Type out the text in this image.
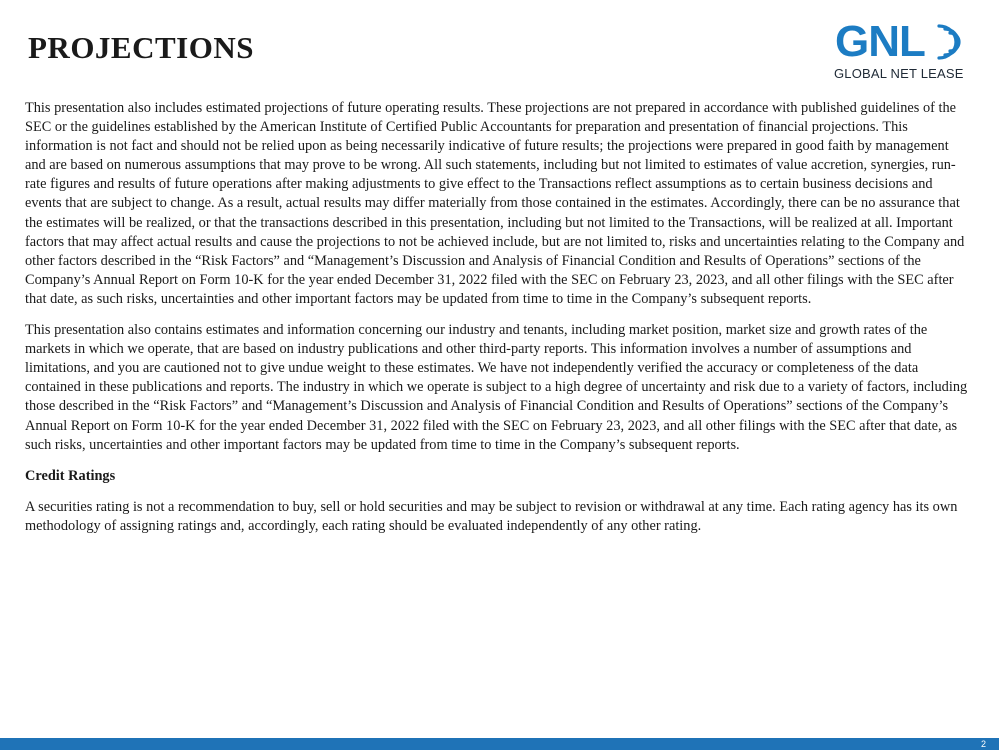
PROJECTIONS	GNL
GLOBAL NET LEASE

This presentation also includes estimated projections of future operating results. These projections are not prepared in accordance with published guidelines of the SEC or the guidelines established by the American Institute of Certified Public Accountants for preparation and presentation of financial projections. This information is not fact and should not be relied upon as being necessarily indicative of future results; the projections were prepared in good faith by management and are based on numerous assumptions that may prove to be wrong. All such statements, including but not limited to estimates of value accretion, synergies, run-rate figures and results of future operations after making adjustments to give effect to the Transactions reflect assumptions as to certain business decisions and events that are subject to change. As a result, actual results may differ materially from those contained in the estimates. Accordingly, there can be no assurance that the estimates will be realized, or that the transactions described in this presentation, including but not limited to the Transactions, will be realized at all. Important factors that may affect actual results and cause the projections to not be achieved include, but are not limited to, risks and uncertainties relating to the Company and other factors described in the “Risk Factors” and “Management’s Discussion and Analysis of Financial Condition and Results of Operations” sections of the Company’s Annual Report on Form 10-K for the year ended December 31, 2022 filed with the SEC on February 23, 2023, and all other filings with the SEC after that date, as such risks, uncertainties and other important factors may be updated from time to time in the Company’s subsequent reports.

This presentation also contains estimates and information concerning our industry and tenants, including market position, market size and growth rates of the markets in which we operate, that are based on industry publications and other third-party reports. This information involves a number of assumptions and limitations, and you are cautioned not to give undue weight to these estimates. We have not independently verified the accuracy or completeness of the data contained in these publications and reports. The industry in which we operate is subject to a high degree of uncertainty and risk due to a variety of factors, including those described in the “Risk Factors” and “Management’s Discussion and Analysis of Financial Condition and Results of Operations” sections of the Company’s Annual Report on Form 10-K for the year ended December 31, 2022 filed with the SEC on February 23, 2023, and all other filings with the SEC after that date, as such risks, uncertainties and other important factors may be updated from time to time in the Company’s subsequent reports.

Credit Ratings

A securities rating is not a recommendation to buy, sell or hold securities and may be subject to revision or withdrawal at any time. Each rating agency has its own methodology of assigning ratings and, accordingly, each rating should be evaluated independently of any other rating.

2
